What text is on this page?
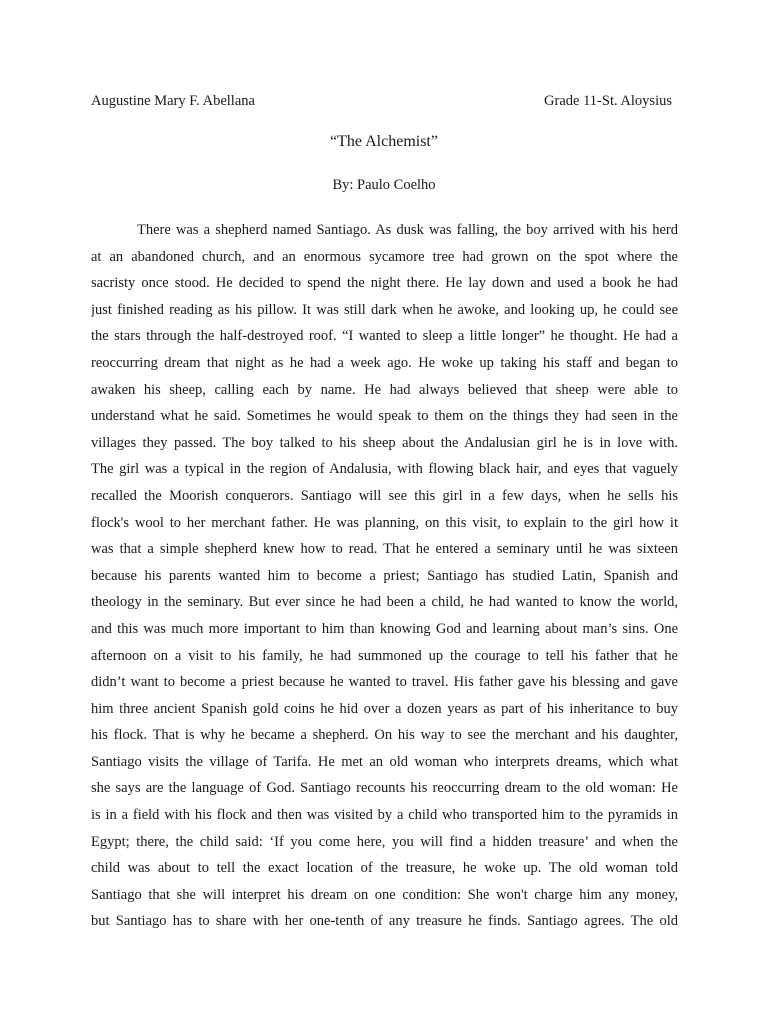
Augustine Mary F. Abellana	Grade 11-St. Aloysius
“The Alchemist”
By: Paulo Coelho
There was a shepherd named Santiago. As dusk was falling, the boy arrived with his herd
at an abandoned church, and an enormous sycamore tree had grown on the spot where the
sacristy once stood. He decided to spend the night there. He lay down and used a book he had
just finished reading as his pillow. It was still dark when he awoke, and looking up, he could see
the stars through the half-destroyed roof. “I wanted to sleep a little longer” he thought. He had a
reoccurring dream that night as he had a week ago. He woke up taking his staff and began to
awaken his sheep, calling each by name. He had always believed that sheep were able to
understand what he said. Sometimes he would speak to them on the things they had seen in the
villages they passed. The boy talked to his sheep about the Andalusian girl he is in love with.
The girl was a typical in the region of Andalusia, with flowing black hair, and eyes that vaguely
recalled the Moorish conquerors. Santiago will see this girl in a few days, when he sells his
flock's wool to her merchant father. He was planning, on this visit, to explain to the girl how it
was that a simple shepherd knew how to read. That he entered a seminary until he was sixteen
because his parents wanted him to become a priest; Santiago has studied Latin, Spanish and
theology in the seminary. But ever since he had been a child, he had wanted to know the world,
and this was much more important to him than knowing God and learning about man’s sins. One
afternoon on a visit to his family, he had summoned up the courage to tell his father that he
didn’t want to become a priest because he wanted to travel. His father gave his blessing and gave
him three ancient Spanish gold coins he hid over a dozen years as part of his inheritance to buy
his flock. That is why he became a shepherd. On his way to see the merchant and his daughter,
Santiago visits the village of Tarifa. He met an old woman who interprets dreams, which what
she says are the language of God. Santiago recounts his reoccurring dream to the old woman: He
is in a field with his flock and then was visited by a child who transported him to the pyramids in
Egypt; there, the child said: ‘If you come here, you will find a hidden treasure’ and when the
child was about to tell the exact location of the treasure, he woke up. The old woman told
Santiago that she will interpret his dream on one condition: She won't charge him any money,
but Santiago has to share with her one-tenth of any treasure he finds. Santiago agrees. The old
